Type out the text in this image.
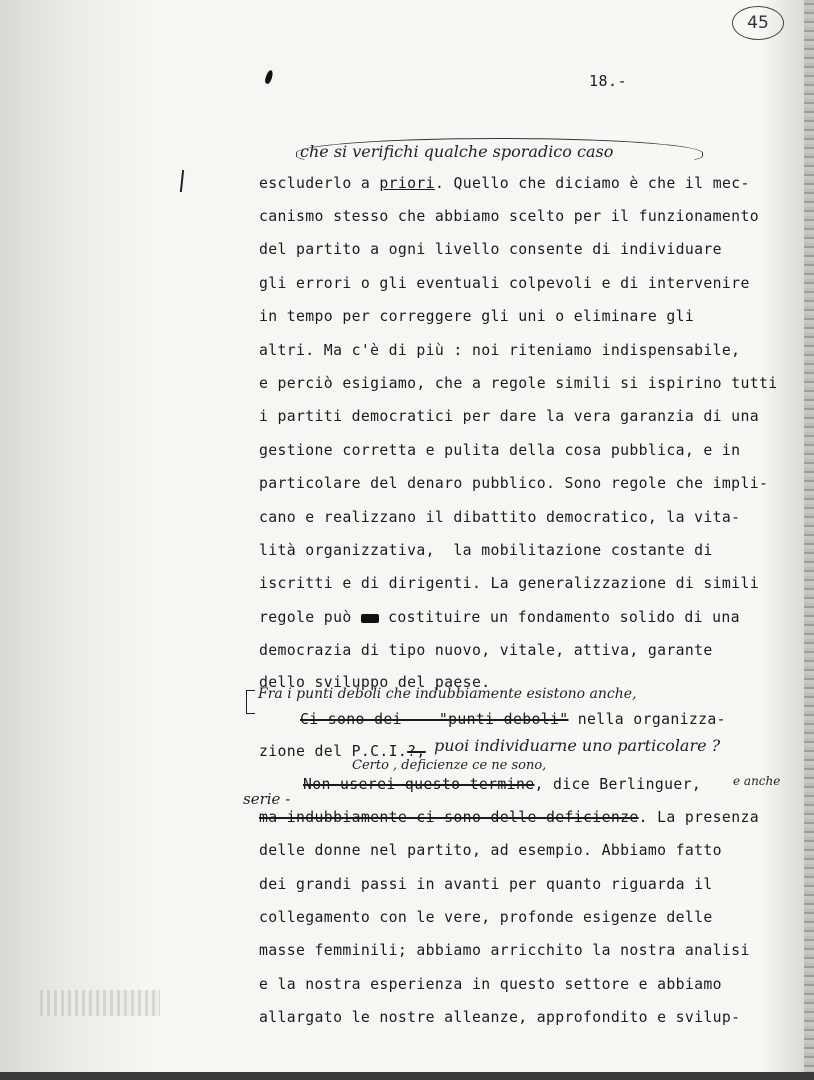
45
18.-
che si verifichi qualche sporadico caso
escluderlo a priori. Quello che diciamo è che il mec-
canismo stesso che abbiamo scelto per il funzionamento
del partito a ogni livello consente di individuare
gli errori o gli eventuali colpevoli e di intervenire
in tempo per correggere gli uni o eliminare gli
altri. Ma c'è di più : noi riteniamo indispensabile,
e perciò esigiamo, che a regole simili si ispirino tutti
i partiti democratici per dare la vera garanzia di una
gestione corretta e pulita della cosa pubblica, e in
particolare del denaro pubblico. Sono regole che impli-
cano e realizzano il dibattito democratico, la vita-
lità organizzativa,  la mobilitazione costante di
iscritti e di dirigenti. La generalizzazione di simili
regole può  costituire un fondamento solido di una
democrazia di tipo nuovo, vitale, attiva, garante
dello sviluppo del paese.
Fra i punti deboli che indubbiamente esistono anche,
Ci sono dei    "punti deboli" nella organizza-
zione del P.C.I.?, puoi individuarne uno particolare ?
Certo , deficienze ce ne sono,
Non userei questo termine, dice Berlinguer,	e anche
serie -
ma indubbiamente ci sono delle deficienze. La presenza
delle donne nel partito, ad esempio. Abbiamo fatto
dei grandi passi in avanti per quanto riguarda il
collegamento con le vere, profonde esigenze delle
masse femminili; abbiamo arricchito la nostra analisi
e la nostra esperienza in questo settore e abbiamo
allargato le nostre alleanze, approfondito e svilup-
